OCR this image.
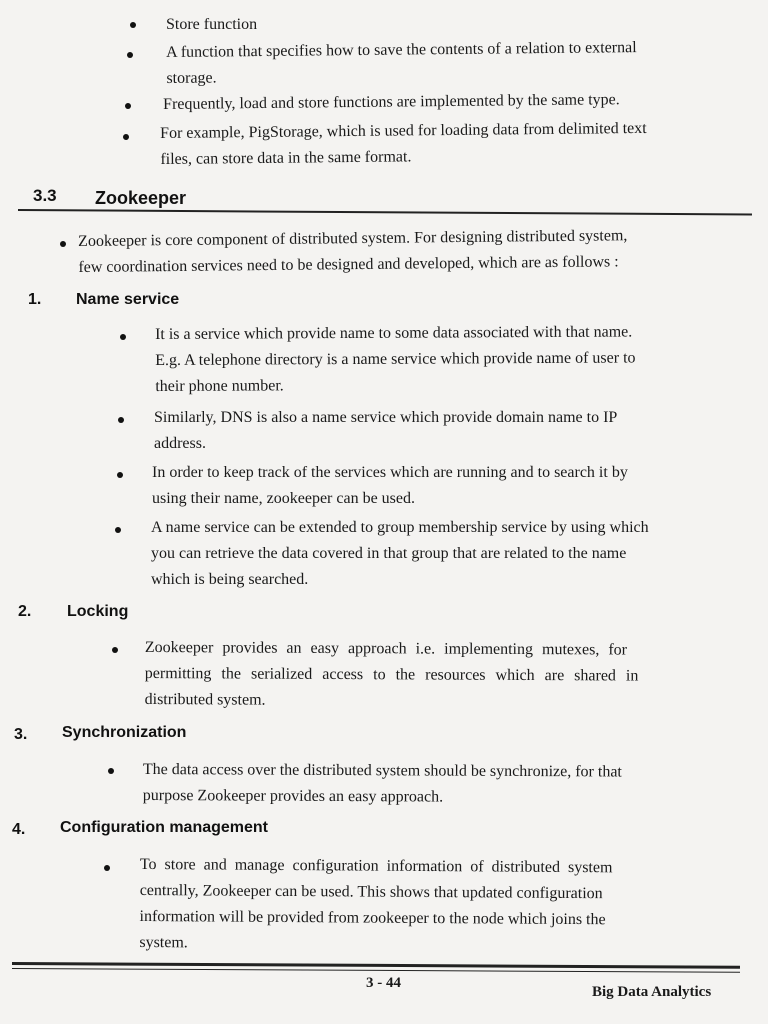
Store function
A function that specifies how to save the contents of a relation to external
storage.
Frequently, load and store functions are implemented by the same type.
For example, PigStorage, which is used for loading data from delimited text
files, can store data in the same format.
3.3 Zookeeper
Zookeeper is core component of distributed system. For designing distributed system,
few coordination services need to be designed and developed, which are as follows :
1. Name service
It is a service which provide name to some data associated with that name.
E.g. A telephone directory is a name service which provide name of user to
their phone number.
Similarly, DNS is also a name service which provide domain name to IP
address.
In order to keep track of the services which are running and to search it by
using their name, zookeeper can be used.
A name service can be extended to group membership service by using which
you can retrieve the data covered in that group that are related to the name
which is being searched.
2. Locking
Zookeeper provides an easy approach i.e. implementing mutexes, for
permitting the serialized access to the resources which are shared in
distributed system.
3. Synchronization
The data access over the distributed system should be synchronize, for that
purpose Zookeeper provides an easy approach.
4. Configuration management
To store and manage configuration information of distributed system
centrally, Zookeeper can be used. This shows that updated configuration
information will be provided from zookeeper to the node which joins the
system.
3 - 44
Big Data Analytics
